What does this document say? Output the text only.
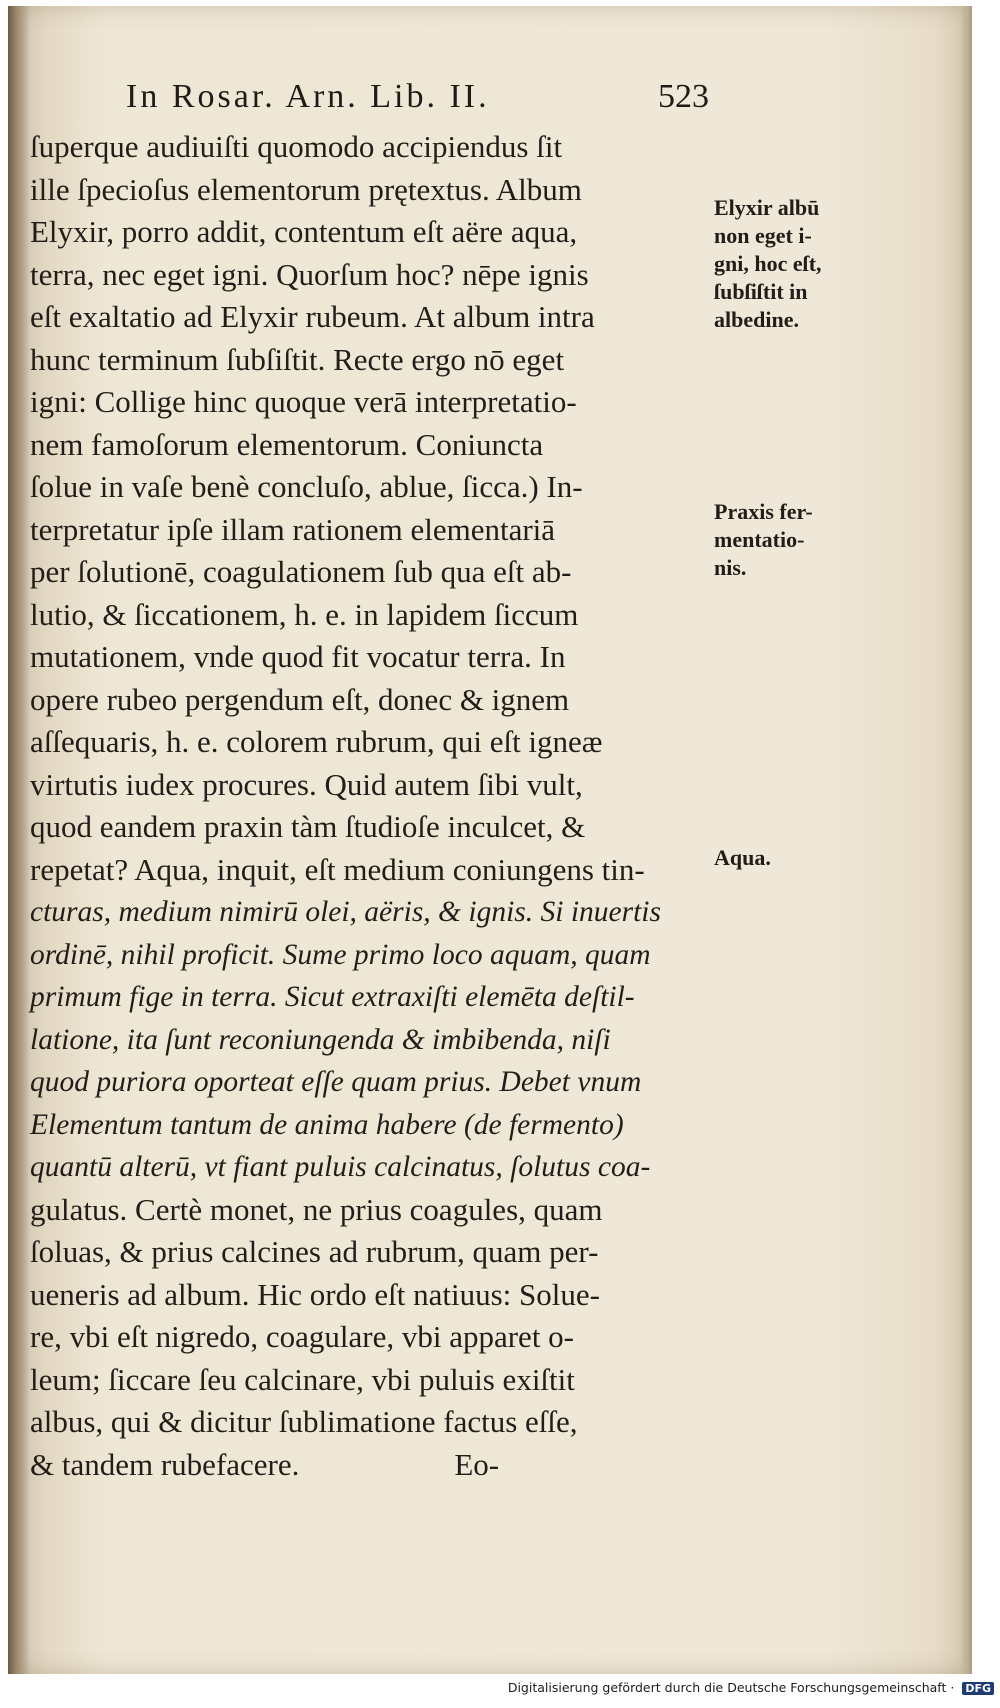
In Rosar. Arn. Lib. II.	523
ſuperque audiuiſti quomodo accipiendus ſit
ille ſpecioſus elementorum prętextus. Album
Elyxir, porro addit, contentum eſt aëre aqua,
terra, nec eget igni. Quorſum hoc? nēpe ignis
eſt exaltatio ad Elyxir rubeum. At album intra
hunc terminum ſubſiſtit. Recte ergo nō eget
igni: Collige hinc quoque verā interpretatio-
nem famoſorum elementorum. Coniuncta
ſolue in vaſe benè concluſo, ablue, ſicca.) In-
terpretatur ipſe illam rationem elementariā
per ſolutionē, coagulationem ſub qua eſt ab-
lutio, & ſiccationem, h. e. in lapidem ſiccum
mutationem, vnde quod fit vocatur terra. In
opere rubeo pergendum eſt, donec & ignem
aſſequaris, h. e. colorem rubrum, qui eſt igneæ
virtutis iudex procures. Quid autem ſibi vult,
quod eandem praxin tàm ſtudioſe inculcet, &
repetat? Aqua, inquit, eſt medium coniungens tin-
cturas, medium nimirū olei, aëris, & ignis. Si inuertis
ordinē, nihil proficit. Sume primo loco aquam, quam
primum fige in terra. Sicut extraxiſti elemēta deſtil-
latione, ita ſunt reconiungenda & imbibenda, niſi
quod puriora oporteat eſſe quam prius. Debet vnum
Elementum tantum de anima habere (de fermento)
quantū alterū, vt fiant puluis calcinatus, ſolutus coa-
gulatus. Certè monet, ne prius coagules, quam
ſoluas, & prius calcines ad rubrum, quam per-
ueneris ad album. Hic ordo eſt natiuus: Solue-
re, vbi eſt nigredo, coagulare, vbi apparet o-
leum; ſiccare ſeu calcinare, vbi puluis exiſtit
albus, qui & dicitur ſublimatione factus eſſe,
& tandem rubefacere.                    Eo-
Elyxir albū
non eget i-
gni, hoc eſt,
ſubſiſtit in
albedine.
Praxis fer-
mentatio-
nis.
Aqua.
Digitalisierung gefördert durch die Deutsche Forschungsgemeinschaft · DFG
